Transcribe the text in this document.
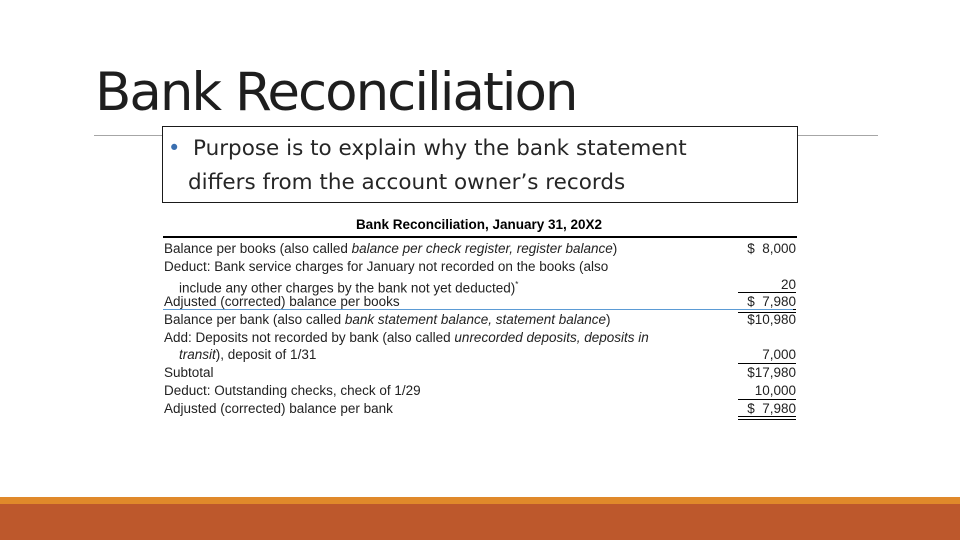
Bank Reconciliation
• Purpose is to explain why the bank statement
differs from the account owner’s records
Bank Reconciliation, January 31, 20X2
Balance per books (also called balance per check register, register balance)	$  8,000
Deduct: Bank service charges for January not recorded on the books (also
include any other charges by the bank not yet deducted)*	20
Adjusted (corrected) balance per books	$  7,980
Balance per bank (also called bank statement balance, statement balance)	$10,980
Add: Deposits not recorded by bank (also called unrecorded deposits, deposits in
transit), deposit of 1/31	7,000
Subtotal	$17,980
Deduct: Outstanding checks, check of 1/29	10,000
Adjusted (corrected) balance per bank	$  7,980
